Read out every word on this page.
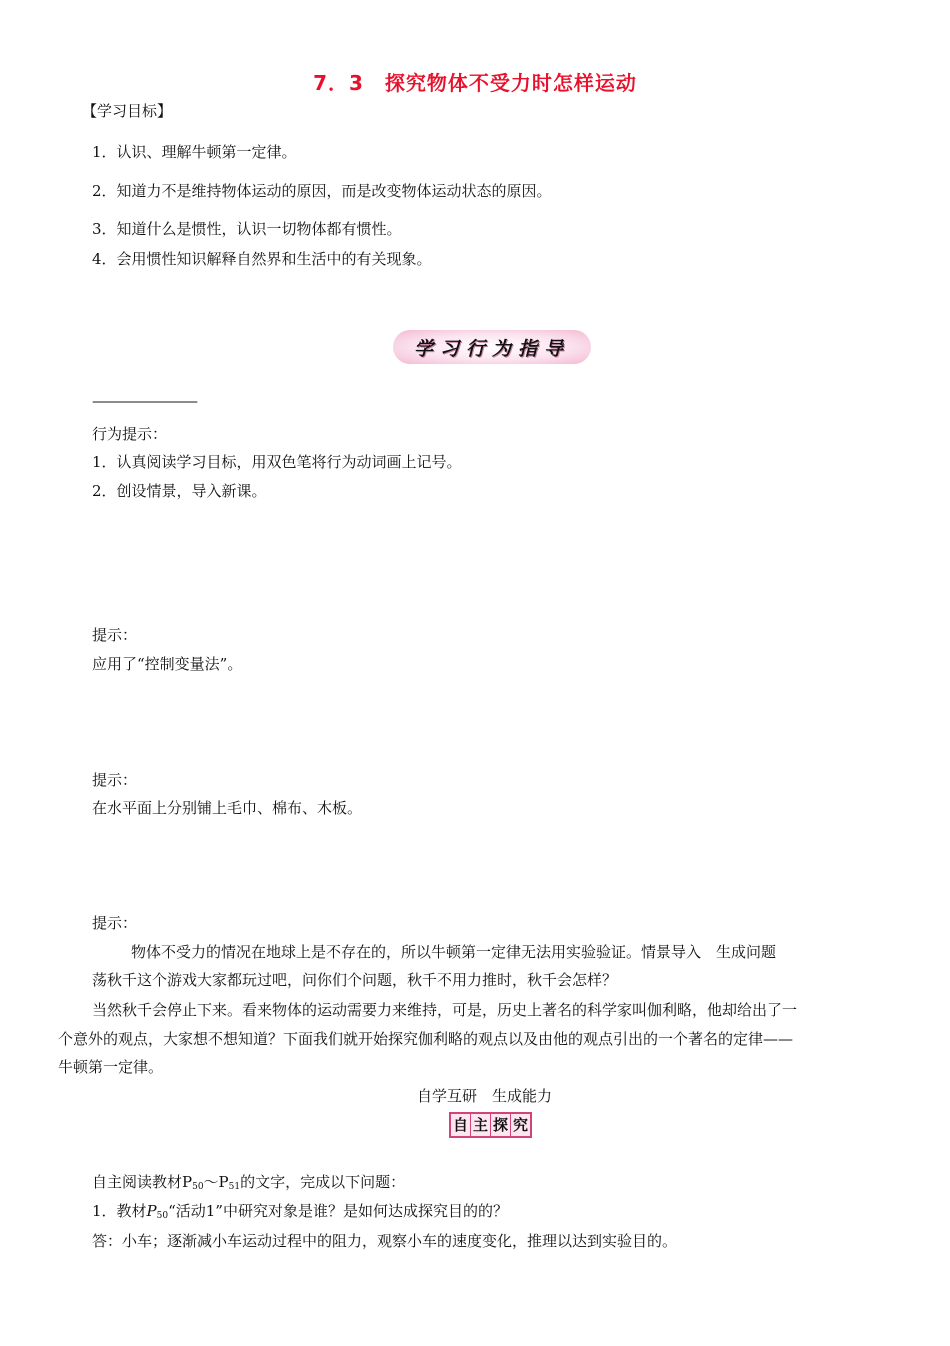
7．3　探究物体不受力时怎样运动
【学习目标】
1．认识、理解牛顿第一定律。
2．知道力不是维持物体运动的原因，而是改变物体运动状态的原因。
3．知道什么是惯性，认识一切物体都有惯性。
4．会用惯性知识解释自然界和生活中的有关现象。
学习行为指导
————————
行为提示：
1．认真阅读学习目标，用双色笔将行为动词画上记号。
2．创设情景，导入新课。
提示：
应用了“控制变量法”。
提示：
在水平面上分别铺上毛巾、棉布、木板。
提示：
物体不受力的情况在地球上是不存在的，所以牛顿第一定律无法用实验验证。情景导入　生成问题
荡秋千这个游戏大家都玩过吧，问你们个问题，秋千不用力推时，秋千会怎样？
当然秋千会停止下来。看来物体的运动需要力来维持，可是，历史上著名的科学家叫伽利略，他却给出了一
个意外的观点，大家想不想知道？下面我们就开始探究伽利略的观点以及由他的观点引出的一个著名的定律——
牛顿第一定律。
自学互研　生成能力
自 主 探 究
自主阅读教材$P_{50}\sim P_{51}$的文字，完成以下问题：
1．教材$P_{50}“$活动1”中研究对象是谁？是如何达成探究目的的？
答：小车；逐渐减小车运动过程中的阻力，观察小车的速度变化，推理以达到实验目的。
